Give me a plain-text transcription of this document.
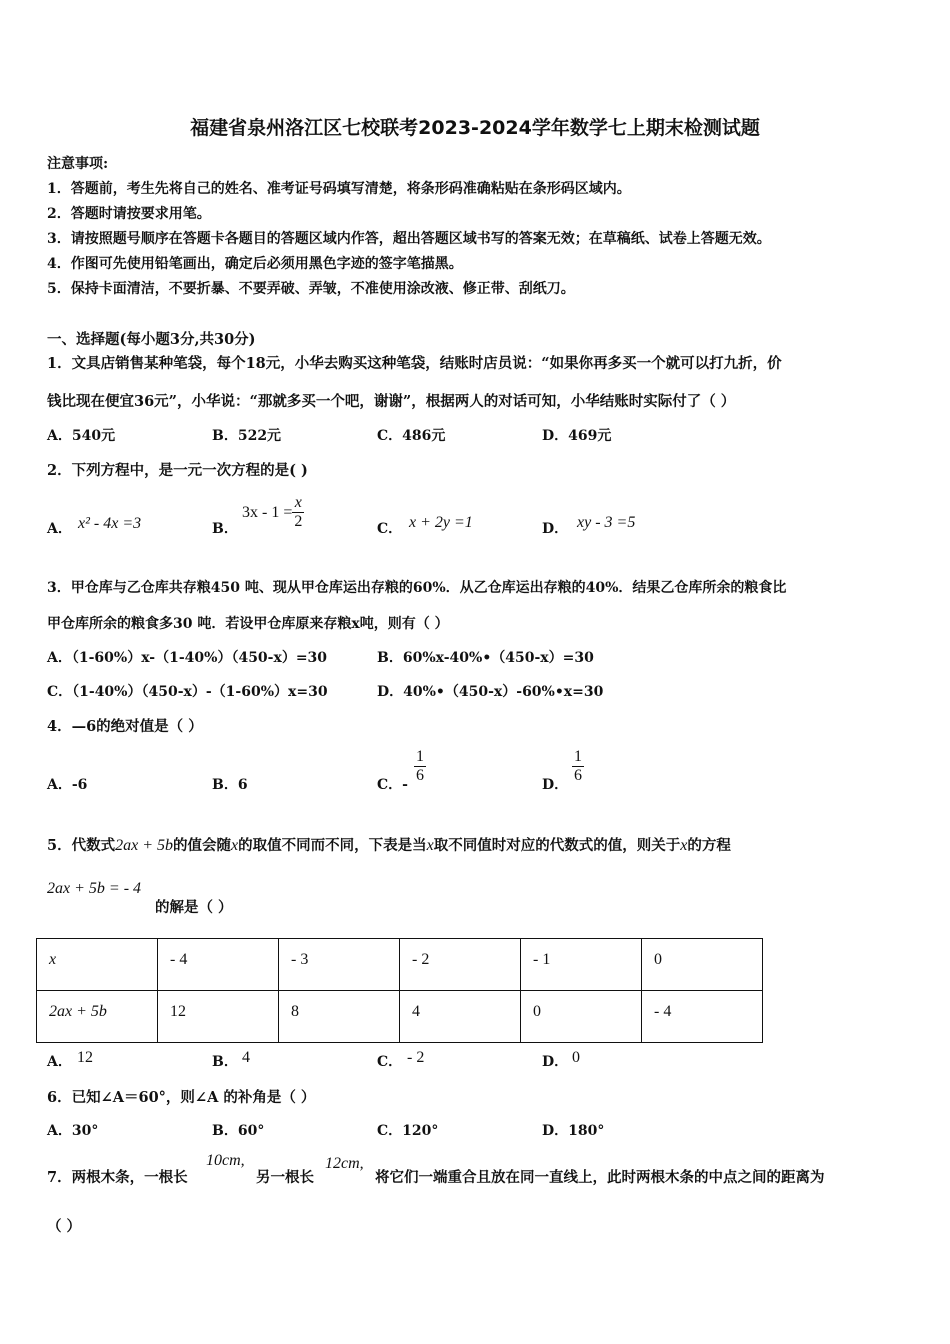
福建省泉州洛江区七校联考2023-2024学年数学七上期末检测试题
注意事项:
1．答题前，考生先将自己的姓名、准考证号码填写清楚，将条形码准确粘贴在条形码区域内。
2．答题时请按要求用笔。
3．请按照题号顺序在答题卡各题目的答题区域内作答，超出答题区域书写的答案无效；在草稿纸、试卷上答题无效。
4．作图可先使用铅笔画出，确定后必须用黑色字迹的签字笔描黑。
5．保持卡面清洁，不要折暴、不要弄破、弄皱，不准使用涂改液、修正带、刮纸刀。
一、选择题(每小题3分,共30分)
1．文具店销售某种笔袋，每个18元，小华去购买这种笔袋，结账时店员说：“如果你再多买一个就可以打九折，价
钱比现在便宜36元”，小华说：“那就多买一个吧，谢谢”，根据两人的对话可知，小华结账时实际付了（ ）
A．540元	B．522元	C．486元	D．469元
2．下列方程中，是一元一次方程的是( )
A． x² - 4x =3	B．
$3x - 1 = \frac{x}{2}$	C． x + 2y =1	D． xy - 3 =5
3．甲仓库与乙仓库共存粮450 吨、现从甲仓库运出存粮的60%．从乙仓库运出存粮的40%．结果乙仓库所余的粮食比
甲仓库所余的粮食多30 吨．若设甲仓库原来存粮x吨，则有（ ）
A．（1-60%）x-（1-40%）（450-x）=30	B．60%x-40%•（450-x）=30
C．（1-40%）（450-x）-（1-60%）x=30	D．40%•（450-x）-60%•x=30
4．—6的绝对值是（ ）
A．-6	B．6	C．- $\frac{1}{6}$	D． $\frac{1}{6}$
5．代数式2ax + 5b的值会随x的取值不同而不同，下表是当x取不同值时对应的代数式的值，则关于x的方程
2ax + 5b = - 4
的解是（ ）
x	- 4	- 3	- 2	- 1	0
2ax + 5b	12	8	4	0	- 4
A． 12	B． 4	C． - 2	D． 0
6．已知∠A＝60°，则∠A 的补角是（ ）
A．30°	B．60°	C．120°	D．180°
7．两根木条，一根长
10cm,
另一根长
12cm,
将它们一端重合且放在同一直线上，此时两根木条的中点之间的距离为
（ ）
